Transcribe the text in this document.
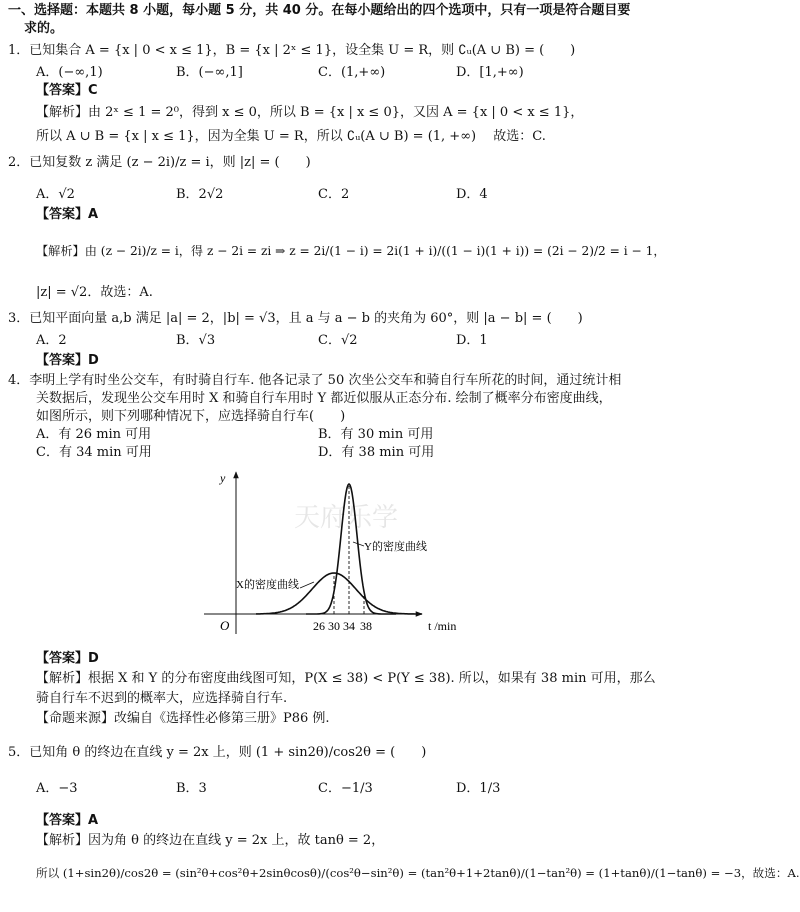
一、选择题：本题共 8 小题，每小题 5 分，共 40 分。在每小题给出的四个选项中，只有一项是符合题目要
求的。
1．已知集合 A = {x | 0 < x ≤ 1}，B = {x | 2ˣ ≤ 1}，设全集 U = R，则 ∁ᵤ(A ∪ B) = (　　)
A．(−∞,1)	B．(−∞,1]	C．(1,+∞)	D．[1,+∞)
【答案】C
【解析】由 2ˣ ≤ 1 = 2⁰，得到 x ≤ 0，所以 B = {x | x ≤ 0}，又因 A = {x | 0 < x ≤ 1}，
所以 A ∪ B = {x | x ≤ 1}，因为全集 U = R，所以 ∁ᵤ(A ∪ B) = (1, +∞)　 故选：C.
2．已知复数 z 满足 (z − 2i)/z = i，则 |z| = (　　)
A．√2	B．2√2	C．2	D．4
【答案】A
【解析】由 (z − 2i)/z = i，得 z − 2i = zi ⇒ z = 2i/(1 − i) = 2i(1 + i)/((1 − i)(1 + i)) = (2i − 2)/2 = i − 1，
|z| = √2．故选：A.
3．已知平面向量 a,b 满足 |a| = 2，|b| = √3，且 a 与 a − b 的夹角为 60°，则 |a − b| = (　　)
A．2	B．√3	C．√2	D．1
【答案】D
4．李明上学有时坐公交车，有时骑自行车. 他各记录了 50 次坐公交车和骑自行车所花的时间，通过统计相
关数据后，发现坐公交车用时 X 和骑自行车用时 Y 都近似服从正态分布. 绘制了概率分布密度曲线，
如图所示，则下列哪种情况下，应选择骑自行车(　　)
A．有 26 min 可用	B．有 30 min 可用
C．有 34 min 可用	D．有 38 min 可用
天府乐学
y
O	t /min
26 30 34 38
Y的密度曲线
X的密度曲线
【答案】D
【解析】根据 X 和 Y 的分布密度曲线图可知，P(X ≤ 38) < P(Y ≤ 38). 所以，如果有 38 min 可用，那么
骑自行车不迟到的概率大，应选择骑自行车.
【命题来源】改编自《选择性必修第三册》P86 例.
5．已知角 θ 的终边在直线 y = 2x 上，则 (1 + sin2θ)/cos2θ = (　　)
A．−3	B．3	C．−1/3	D．1/3
【答案】A
【解析】因为角 θ 的终边在直线 y = 2x 上，故 tanθ = 2，
所以 (1+sin2θ)/cos2θ = (sin²θ+cos²θ+2sinθcosθ)/(cos²θ−sin²θ) = (tan²θ+1+2tanθ)/(1−tan²θ) = (1+tanθ)/(1−tanθ) = −3，故选：A.
